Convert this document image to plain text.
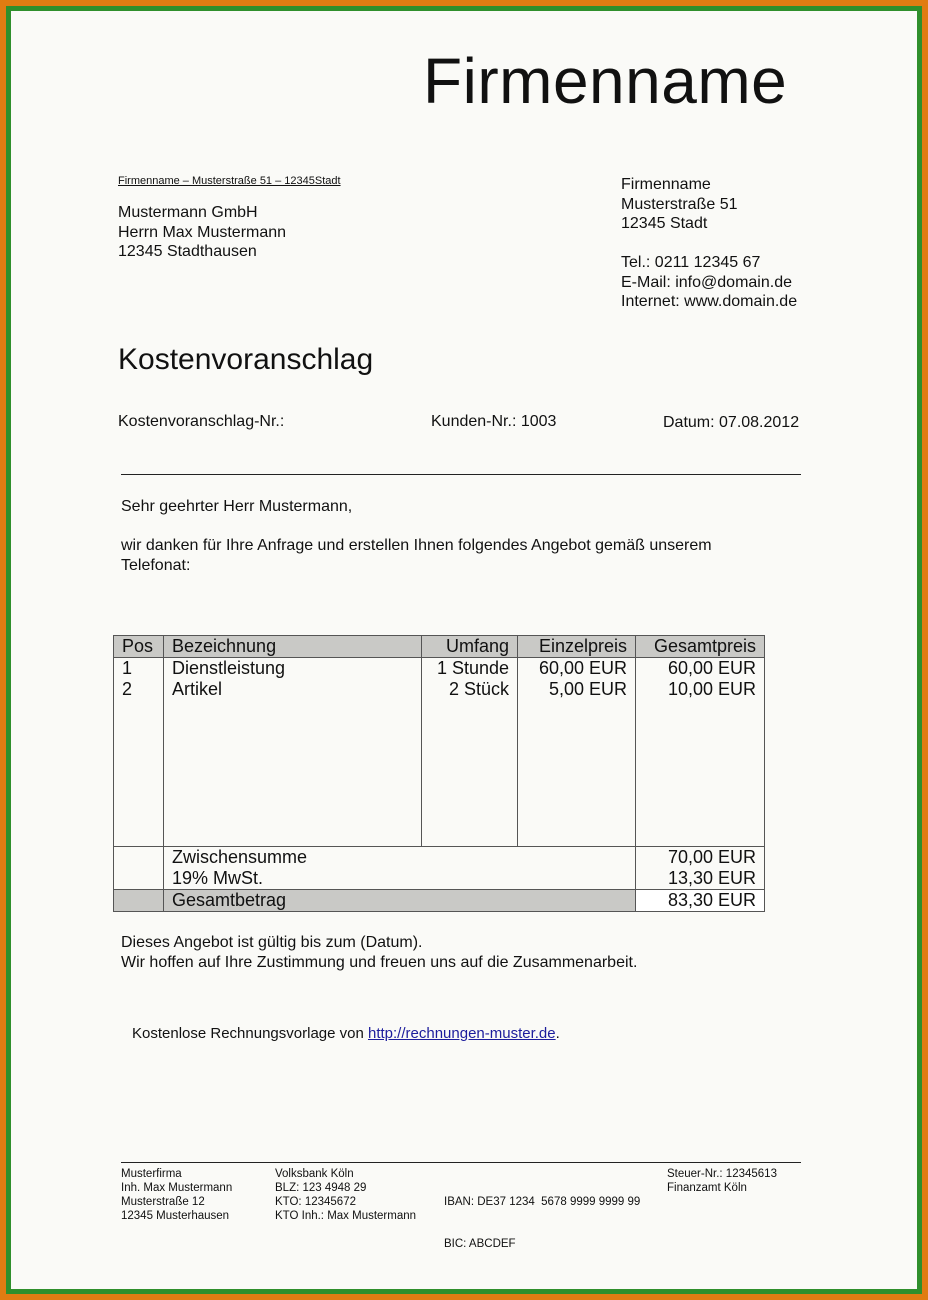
Firmenname
Firmenname – Musterstraße 51 – 12345Stadt
Mustermann GmbH
Herrn Max Mustermann
12345 Stadthausen
Firmenname
Musterstraße 51
12345 Stadt
Tel.: 0211 12345 67
E-Mail: info@domain.de
Internet: www.domain.de
Kostenvoranschlag
Kostenvoranschlag-Nr.:	Kunden-Nr.: 1003	Datum: 07.08.2012
Sehr geehrter Herr Mustermann,
wir danken für Ihre Anfrage und erstellen Ihnen folgendes Angebot gemäß unserem
Telefonat:
Pos	Bezeichnung	Umfang	Einzelpreis	Gesamtpreis
1	Dienstleistung	1 Stunde	60,00 EUR	60,00 EUR
2	Artikel	2 Stück	5,00 EUR	10,00 EUR

	Zwischensumme			70,00 EUR
	19% MwSt.			13,30 EUR
	Gesamtbetrag			83,30 EUR
Dieses Angebot ist gültig bis zum (Datum).
Wir hoffen auf Ihre Zustimmung und freuen uns auf die Zusammenarbeit.
Kostenlose Rechnungsvorlage von http://rechnungen-muster.de.
Musterfirma
Inh. Max Mustermann
Musterstraße 12
12345 Musterhausen
Volksbank Köln
BLZ: 123 4948 29
KTO: 12345672
KTO Inh.: Max Mustermann

IBAN: DE37 1234  5678 9999 9999 99

BIC: ABCDEF

Steuer-Nr.: 12345613
Finanzamt Köln
